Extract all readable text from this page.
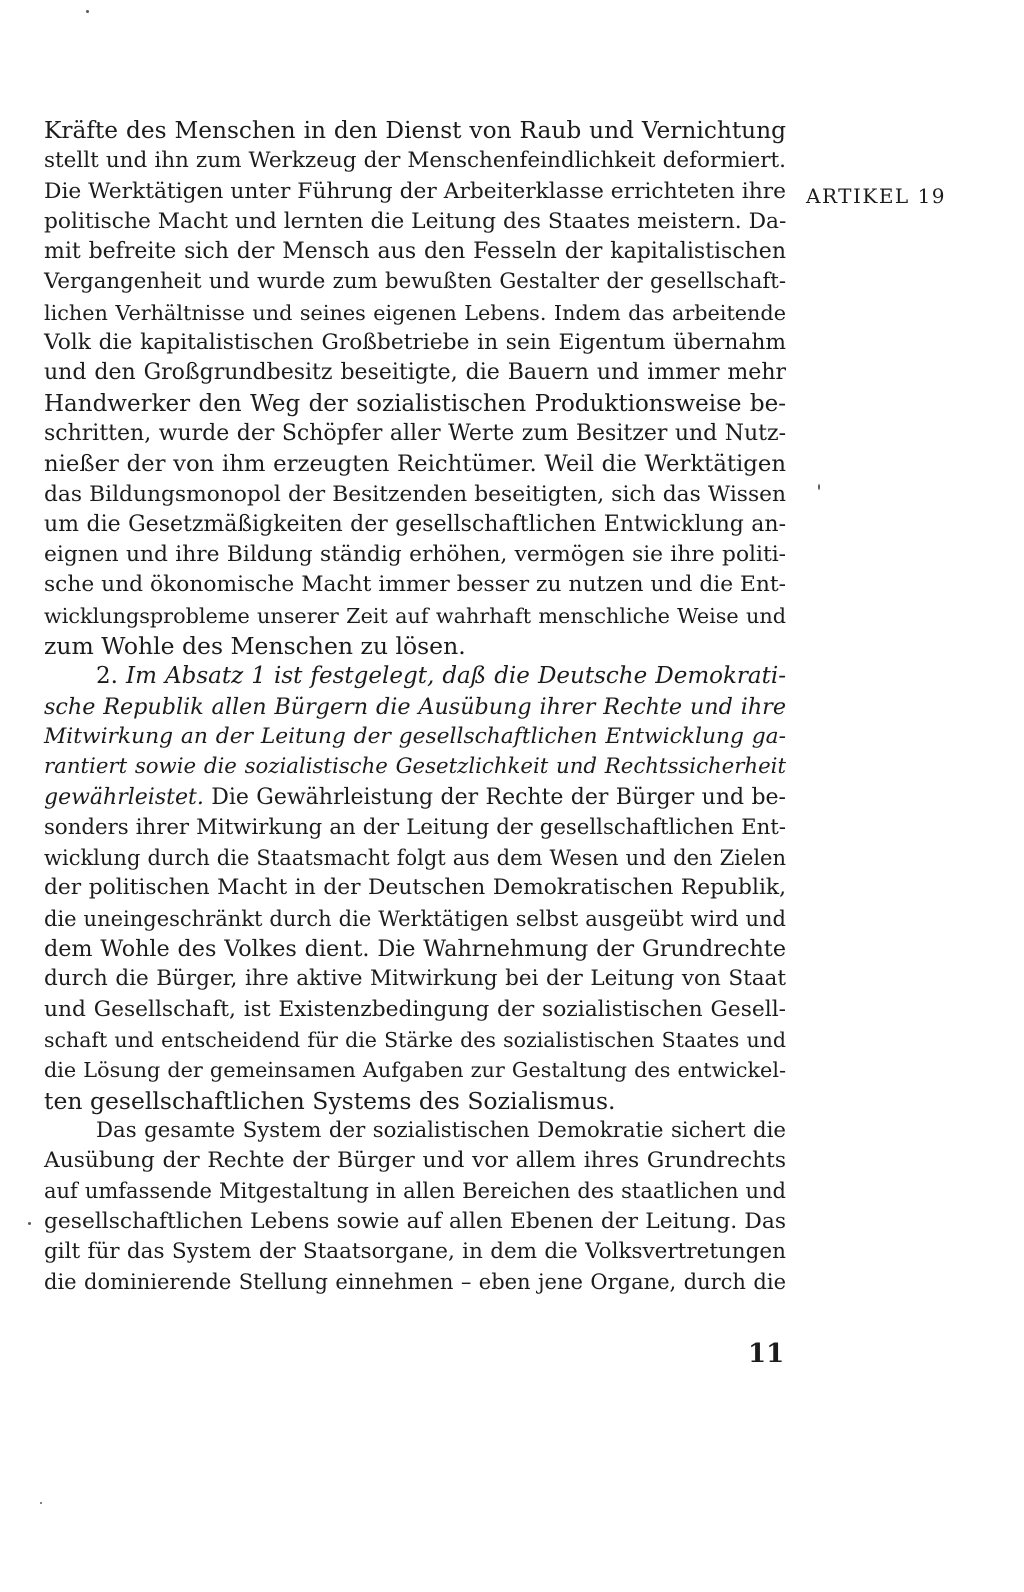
ARTIKEL 19
Kräfte des Menschen in den Dienst von Raub und Vernichtung
stellt und ihn zum Werkzeug der Menschenfeindlichkeit deformiert.
Die Werktätigen unter Führung der Arbeiterklasse errichteten ihre
politische Macht und lernten die Leitung des Staates meistern. Da-
mit befreite sich der Mensch aus den Fesseln der kapitalistischen
Vergangenheit und wurde zum bewußten Gestalter der gesellschaft-
lichen Verhältnisse und seines eigenen Lebens. Indem das arbeitende
Volk die kapitalistischen Großbetriebe in sein Eigentum übernahm
und den Großgrundbesitz beseitigte, die Bauern und immer mehr
Handwerker den Weg der sozialistischen Produktionsweise be-
schritten, wurde der Schöpfer aller Werte zum Besitzer und Nutz-
nießer der von ihm erzeugten Reichtümer. Weil die Werktätigen
das Bildungsmonopol der Besitzenden beseitigten, sich das Wissen
um die Gesetzmäßigkeiten der gesellschaftlichen Entwicklung an-
eignen und ihre Bildung ständig erhöhen, vermögen sie ihre politi-
sche und ökonomische Macht immer besser zu nutzen und die Ent-
wicklungsprobleme unserer Zeit auf wahrhaft menschliche Weise und
zum Wohle des Menschen zu lösen.
2. Im Absatz 1 ist festgelegt, daß die Deutsche Demokrati-
sche Republik allen Bürgern die Ausübung ihrer Rechte und ihre
Mitwirkung an der Leitung der gesellschaftlichen Entwicklung ga-
rantiert sowie die sozialistische Gesetzlichkeit und Rechtssicherheit
gewährleistet. Die Gewährleistung der Rechte der Bürger und be-
sonders ihrer Mitwirkung an der Leitung der gesellschaftlichen Ent-
wicklung durch die Staatsmacht folgt aus dem Wesen und den Zielen
der politischen Macht in der Deutschen Demokratischen Republik,
die uneingeschränkt durch die Werktätigen selbst ausgeübt wird und
dem Wohle des Volkes dient. Die Wahrnehmung der Grundrechte
durch die Bürger, ihre aktive Mitwirkung bei der Leitung von Staat
und Gesellschaft, ist Existenzbedingung der sozialistischen Gesell-
schaft und entscheidend für die Stärke des sozialistischen Staates und
die Lösung der gemeinsamen Aufgaben zur Gestaltung des entwickel-
ten gesellschaftlichen Systems des Sozialismus.
Das gesamte System der sozialistischen Demokratie sichert die
Ausübung der Rechte der Bürger und vor allem ihres Grundrechts
auf umfassende Mitgestaltung in allen Bereichen des staatlichen und
gesellschaftlichen Lebens sowie auf allen Ebenen der Leitung. Das
gilt für das System der Staatsorgane, in dem die Volksvertretungen
die dominierende Stellung einnehmen – eben jene Organe, durch die
11
